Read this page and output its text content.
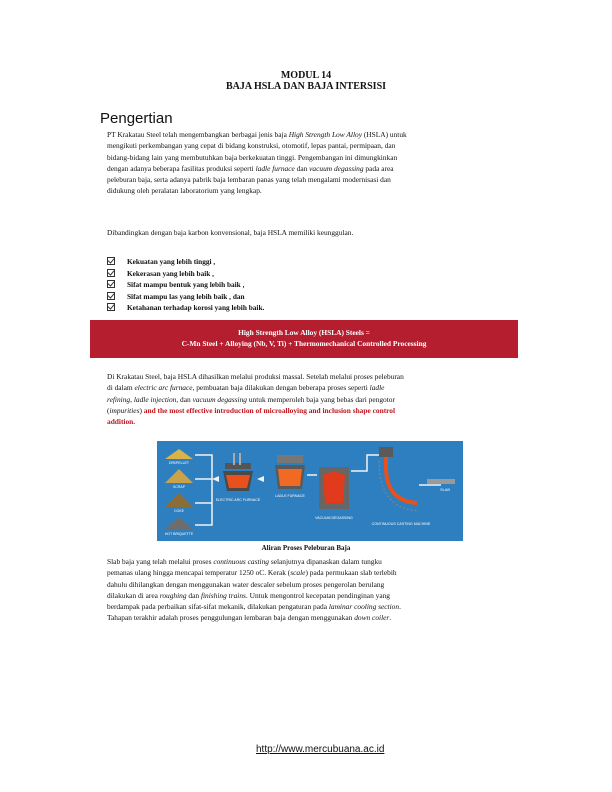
MODUL 14
BAJA HSLA DAN BAJA INTERSISI
Pengertian

PT Krakatau Steel telah mengembangkan berbagai jenis baja High Strength Low Alloy (HSLA) untuk mengikuti perkembangan yang cepat di bidang konstruksi, otomotif, lepas pantai, permipaan, dan bidang-bidang lain yang membutuhkan baja berkekuatan tinggi. Pengembangan ini dimungkinkan dengan adanya beberapa fasilitas produksi seperti ladle furnace dan vacuum degassing pada area peleburan baja, serta adanya pabrik baja lembaran panas yang telah mengalami modernisasi dan didukung oleh peralatan laboratorium yang lengkap.

Dibandingkan dengan baja karbon konvensional, baja HSLA memiliki keunggulan.

Kekuatan yang lebih tinggi ,
Kekerasan yang lebih baik ,
Sifat mampu bentuk yang lebih baik ,
Sifat mampu las yang lebih baik , dan
Ketahanan terhadap korosi yang lebih baik.
High Strength Low Alloy (HSLA) Steels =
C-Mn Steel + Alloying (Nb, V, Ti) + Thermomechanical Controlled Processing

Di Krakatau Steel, baja HSLA dihasilkan melalui produksi massal. Setelah melalui proses peleburan di dalam electric arc furnace, pembuatan baja dilakukan dengan beberapa proses seperti ladle refining, ladle injection, dan vacuum degassing untuk memperoleh baja yang bebas dari pengotor (impurities) and the most effective introduction of microalloying and inclusion shape control addition.

DRI/PELLET
SCRAP
COKE
HOT BRIQUETTE
ELECTRIC ARC FURNACE
LADLE FURNACE
VACUUM DEGASSING
CONTINUOUS CASTING MACHINE
SLAB
Aliran Proses Peleburan Baja

Slab baja yang telah melalui proses continuous casting selanjutnya dipanaskan dalam tungku pemanas ulang hingga mencapai temperatur 1250 oC. Kerak (scale) pada permukaan slab terlebih dahulu dihilangkan dengan menggunakan water descaler sebelum proses pengerolan berulang dilakukan di area roughing dan finishing trains. Untuk mengontrol kecepatan pendinginan yang berdampak pada perbaikan sifat-sifat mekanik, dilakukan pengaturan pada laminar cooling section. Tahapan terakhir adalah proses penggulungan lembaran baja dengan menggunakan down coiler.

http://www.mercubuana.ac.id
